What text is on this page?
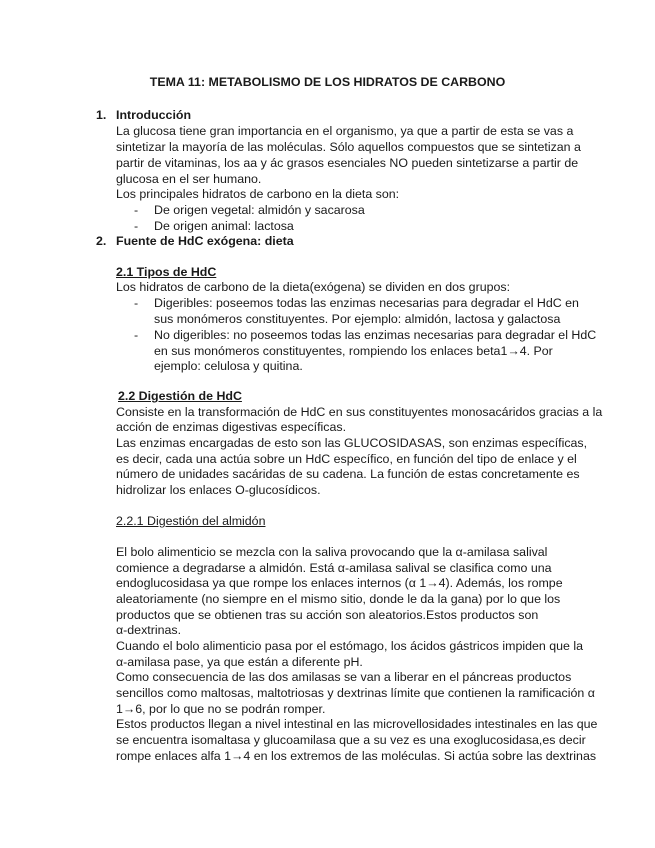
TEMA 11: METABOLISMO DE LOS HIDRATOS DE CARBONO
1. Introducción
La glucosa tiene gran importancia en el organismo, ya que a partir de esta se vas a
sintetizar la mayoría de las moléculas. Sólo aquellos compuestos que se sintetizan a
partir de vitaminas, los aa y ác grasos esenciales NO pueden sintetizarse a partir de
glucosa en el ser humano.
Los principales hidratos de carbono en la dieta son:
- De origen vegetal: almidón y sacarosa
- De origen animal: lactosa
2. Fuente de HdC exógena: dieta
2.1 Tipos de HdC
Los hidratos de carbono de la dieta(exógena) se dividen en dos grupos:
- Digeribles: poseemos todas las enzimas necesarias para degradar el HdC en
sus monómeros constituyentes. Por ejemplo: almidón, lactosa y galactosa
- No digeribles: no poseemos todas las enzimas necesarias para degradar el HdC
en sus monómeros constituyentes, rompiendo los enlaces beta1→4. Por
ejemplo: celulosa y quitina.
2.2 Digestión de HdC
Consiste en la transformación de HdC en sus constituyentes monosacáridos gracias a la
acción de enzimas digestivas específicas.
Las enzimas encargadas de esto son las GLUCOSIDASAS, son enzimas específicas,
es decir, cada una actúa sobre un HdC específico, en función del tipo de enlace y el
número de unidades sacáridas de su cadena. La función de estas concretamente es
hidrolizar los enlaces O-glucosídicos.
2.2.1 Digestión del almidón
El bolo alimenticio se mezcla con la saliva provocando que la α-amilasa salival
comience a degradarse a almidón. Está α-amilasa salival se clasifica como una
endoglucosidasa ya que rompe los enlaces internos (α 1→4). Además, los rompe
aleatoriamente (no siempre en el mismo sitio, donde le da la gana) por lo que los
productos que se obtienen tras su acción son aleatorios.Estos productos son
α-dextrinas.
Cuando el bolo alimenticio pasa por el estómago, los ácidos gástricos impiden que la
α-amilasa pase, ya que están a diferente pH.
Como consecuencia de las dos amilasas se van a liberar en el páncreas productos
sencillos como maltosas, maltotriosas y dextrinas límite que contienen la ramificación α
1→6, por lo que no se podrán romper.
Estos productos llegan a nivel intestinal en las microvellosidades intestinales en las que
se encuentra isomaltasa y glucoamilasa que a su vez es una exoglucosidasa,es decir
rompe enlaces alfa 1→4 en los extremos de las moléculas. Si actúa sobre las dextrinas
